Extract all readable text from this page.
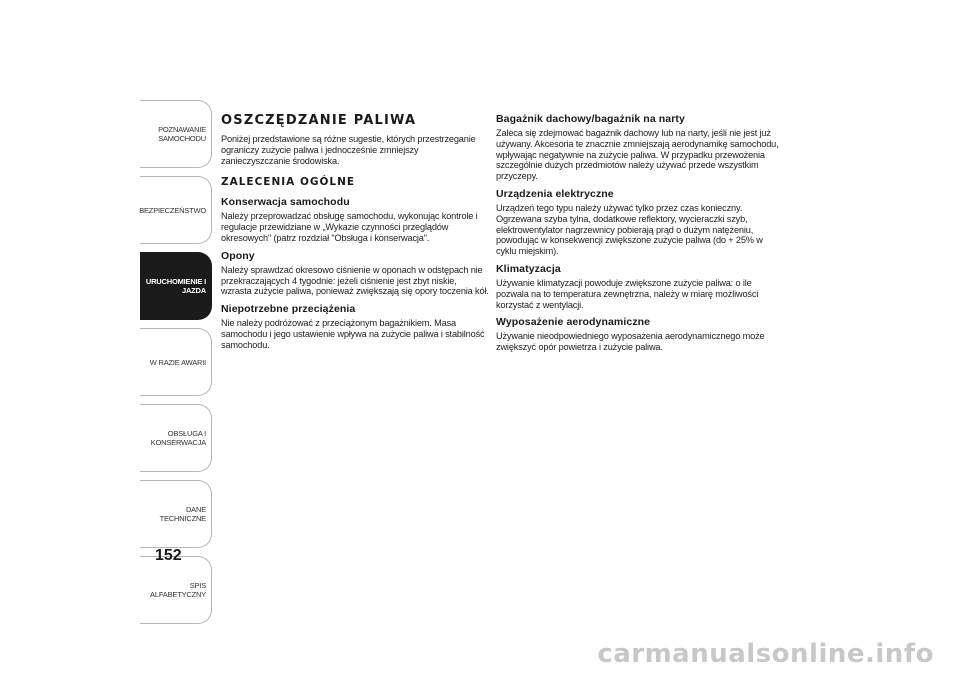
POZNAWANIE
SAMOCHODU
BEZPIECZEŃSTWO
URUCHOMIENIE I
JAZDA
W RAZIE AWARII
OBSŁUGA I
KONSERWACJA
DANE TECHNICZNE
SPIS ALFABETYCZNY
152
OSZCZĘDZANIE PALIWA

Poniżej przedstawione są różne sugestie, których przestrzeganie ograniczy zużycie paliwa i jednocześnie zmniejszy zanieczyszczanie środowiska.

ZALECENIA OGÓLNE
Konserwacja samochodu

Należy przeprowadzać obsługę samochodu, wykonując kontrole i regulacje przewidziane w „Wykazie czynności przeglądów okresowych" (patrz rozdział "Obsługa i konserwacja".

Opony

Należy sprawdzać okresowo ciśnienie w oponach w odstępach nie przekraczających 4 tygodnie: jeżeli ciśnienie jest zbyt niskie, wzrasta zużycie paliwa, ponieważ zwiększają się opory toczenia kół.

Niepotrzebne przeciążenia

Nie należy podróżować z przeciążonym bagażnikiem. Masa samochodu i jego ustawienie wpływa na zużycie paliwa i stabilność samochodu.

Bagażnik dachowy/bagażnik na narty

Zaleca się zdejmować bagażnik dachowy lub na narty, jeśli nie jest już używany. Akcesoria te znacznie zmniejszają aerodynamikę samochodu, wpływając negatywnie na zużycie paliwa. W przypadku przewożenia szczególnie dużych przedmiotów należy używać przede wszystkim przyczepy.

Urządzenia elektryczne

Urządzeń tego typu należy używać tylko przez czas konieczny. Ogrzewana szyba tylna, dodatkowe reflektory, wycieraczki szyb, elektrowentylator nagrzewnicy pobierają prąd o dużym natężeniu, powodując w konsekwencji zwiększone zużycie paliwa (do + 25% w cyklu miejskim).

Klimatyzacja

Używanie klimatyzacji powoduje zwiększone zużycie paliwa: o ile pozwala na to temperatura zewnętrzna, należy w miarę możliwości korzystać z wentylacji.

Wyposażenie aerodynamiczne

Używanie nieodpowiedniego wyposażenia aerodynamicznego może zwiększyć opór powietrza i zużycie paliwa.

carmanualsonline.info
